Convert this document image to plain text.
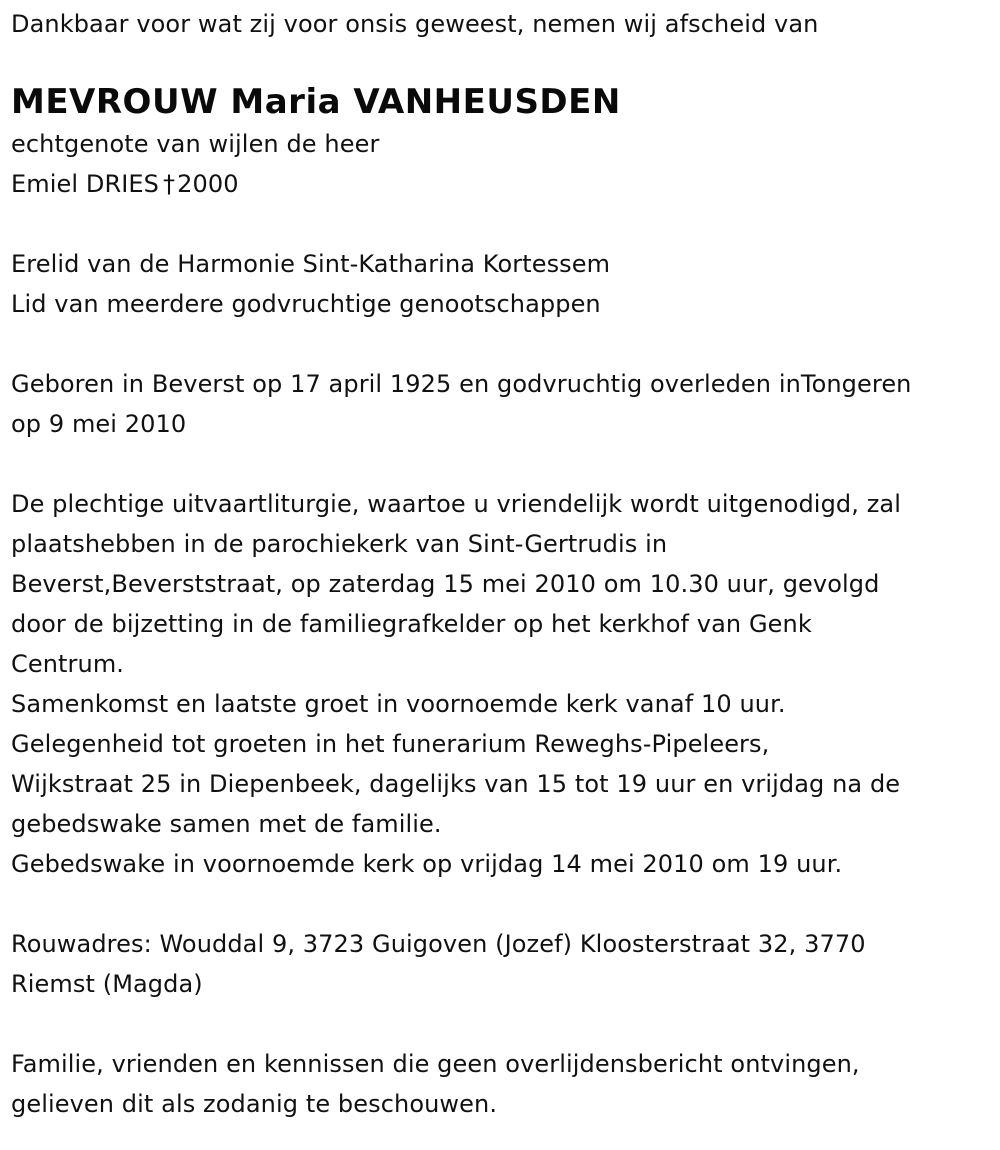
Dankbaar voor wat zij voor onsis geweest, nemen wij afscheid van
MEVROUW Maria VANHEUSDEN
echtgenote van wijlen de heer
Emiel DRIES †2000
Erelid van de Harmonie Sint-Katharina Kortessem
Lid van meerdere godvruchtige genootschappen
Geboren in Beverst op 17 april 1925 en godvruchtig overleden inTongeren
op 9 mei 2010
De plechtige uitvaartliturgie, waartoe u vriendelijk wordt uitgenodigd, zal
plaatshebben in de parochiekerk van Sint-Gertrudis in
Beverst,Beverststraat, op zaterdag 15 mei 2010 om 10.30 uur, gevolgd
door de bijzetting in de familiegrafkelder op het kerkhof van Genk
Centrum.
Samenkomst en laatste groet in voornoemde kerk vanaf 10 uur.
Gelegenheid tot groeten in het funerarium Reweghs-Pipeleers,
Wijkstraat 25 in Diepenbeek, dagelijks van 15 tot 19 uur en vrijdag na de
gebedswake samen met de familie.
Gebedswake in voornoemde kerk op vrijdag 14 mei 2010 om 19 uur.
Rouwadres: Wouddal 9, 3723 Guigoven (Jozef) Kloosterstraat 32, 3770
Riemst (Magda)
Familie, vrienden en kennissen die geen overlijdensbericht ontvingen,
gelieven dit als zodanig te beschouwen.
